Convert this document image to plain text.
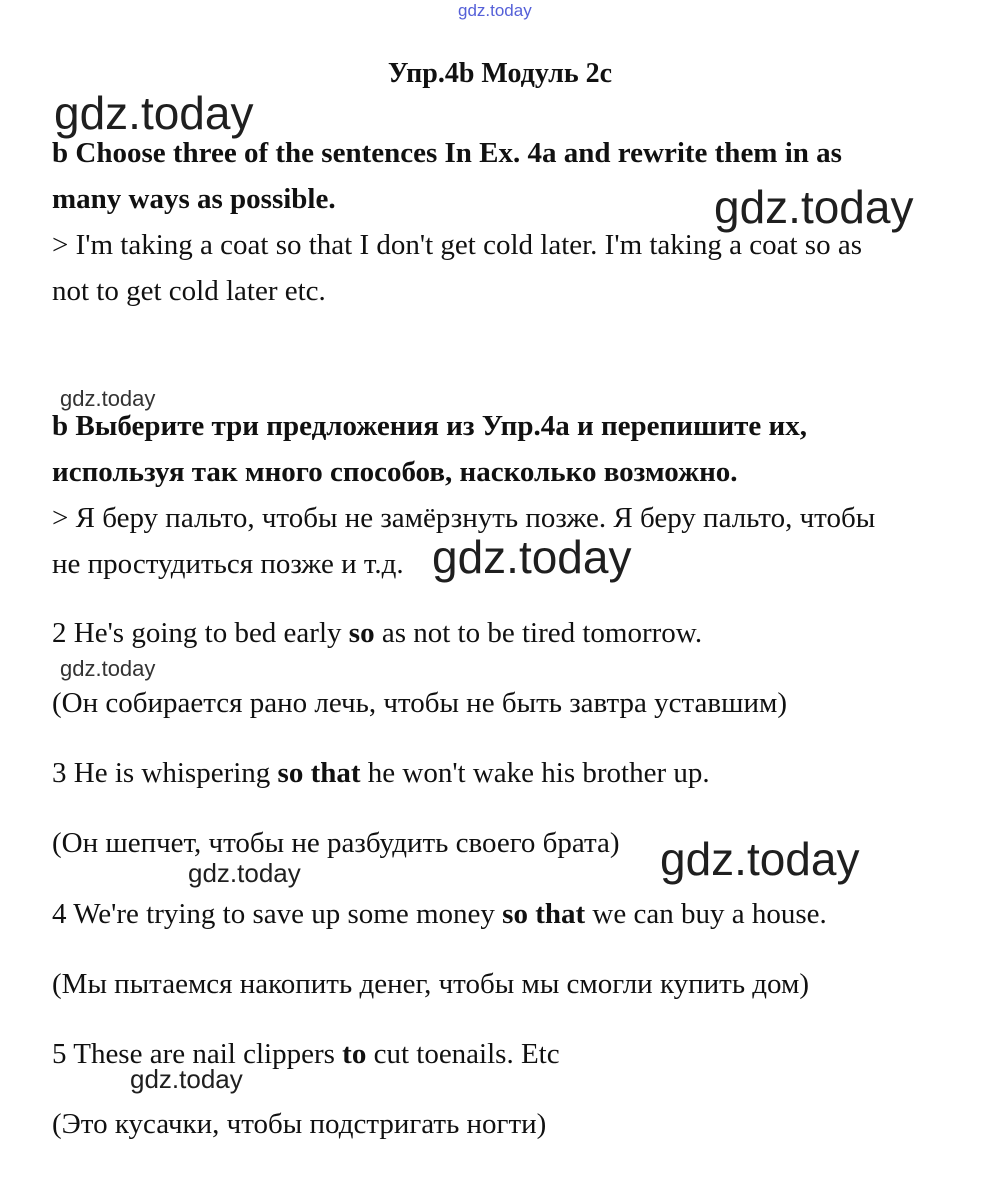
gdz.today
gdz.today
gdz.today
gdz.today
gdz.today
gdz.today
gdz.today
gdz.today
gdz.today
Упр.4b Модуль 2с
b Choose three of the sentences In Ex. 4a and rewrite them in as
many ways as possible.
> I'm taking a coat so that I don't get cold later. I'm taking a coat so as
not to get cold later etc.
b Выберите три предложения из Упр.4a и перепишите их,
используя так много способов, насколько возможно.
> Я беру пальто, чтобы не замёрзнуть позже. Я беру пальто, чтобы
не простудиться позже и т.д.
2 He's going to bed early so as not to be tired tomorrow.
(Он собирается рано лечь, чтобы не быть завтра уставшим)
3 He is whispering so that he won't wake his brother up.
(Он шепчет, чтобы не разбудить своего брата)
4 We're trying to save up some money so that we can buy a house.
(Мы пытаемся накопить денег, чтобы мы смогли купить дом)
5 These are nail clippers to cut toenails. Etc
(Это кусачки, чтобы подстригать ногти)
